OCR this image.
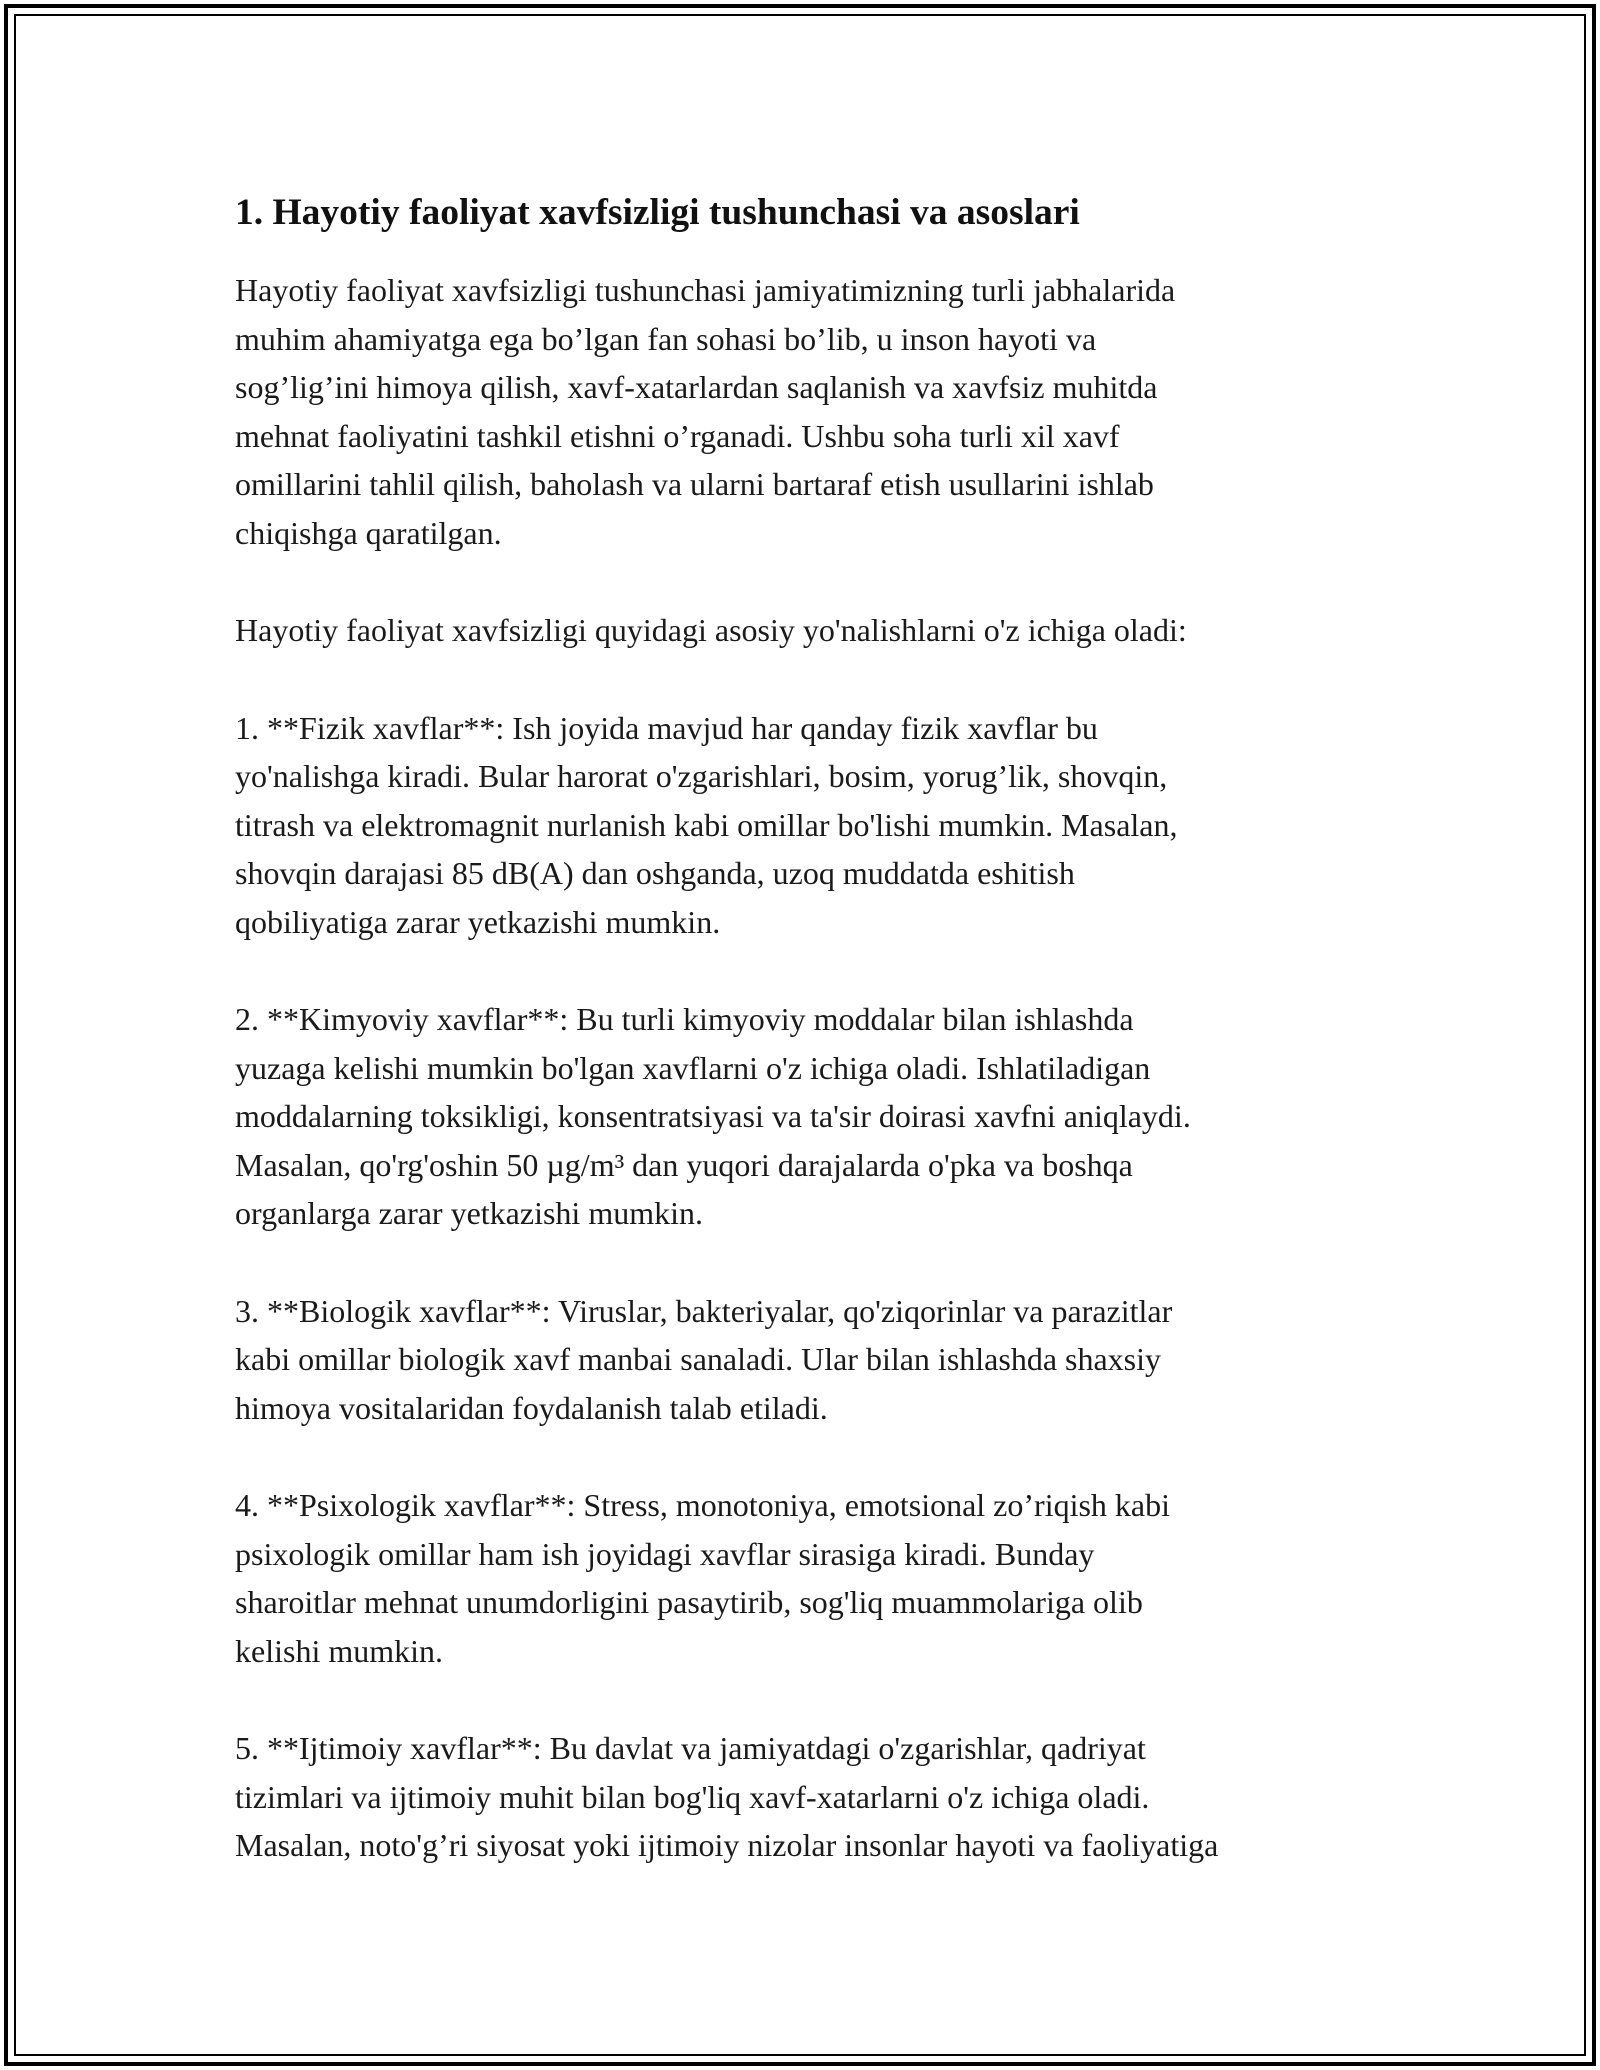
1. Hayotiy faoliyat xavfsizligi tushunchasi va asoslari

Hayotiy faoliyat xavfsizligi tushunchasi jamiyatimizning turli jabhalarida
muhim ahamiyatga ega bo’lgan fan sohasi bo’lib, u inson hayoti va
sog’lig’ini himoya qilish, xavf-xatarlardan saqlanish va xavfsiz muhitda
mehnat faoliyatini tashkil etishni o’rganadi. Ushbu soha turli xil xavf
omillarini tahlil qilish, baholash va ularni bartaraf etish usullarini ishlab
chiqishga qaratilgan.

Hayotiy faoliyat xavfsizligi quyidagi asosiy yo'nalishlarni o'z ichiga oladi:

1. **Fizik xavflar**: Ish joyida mavjud har qanday fizik xavflar bu
yo'nalishga kiradi. Bular harorat o'zgarishlari, bosim, yorug’lik, shovqin,
titrash va elektromagnit nurlanish kabi omillar bo'lishi mumkin. Masalan,
shovqin darajasi 85 dB(A) dan oshganda, uzoq muddatda eshitish
qobiliyatiga zarar yetkazishi mumkin.

2. **Kimyoviy xavflar**: Bu turli kimyoviy moddalar bilan ishlashda
yuzaga kelishi mumkin bo'lgan xavflarni o'z ichiga oladi. Ishlatiladigan
moddalarning toksikligi, konsentratsiyasi va ta'sir doirasi xavfni aniqlaydi.
Masalan, qo'rg'oshin 50 µg/m³ dan yuqori darajalarda o'pka va boshqa
organlarga zarar yetkazishi mumkin.

3. **Biologik xavflar**: Viruslar, bakteriyalar, qo'ziqorinlar va parazitlar
kabi omillar biologik xavf manbai sanaladi. Ular bilan ishlashda shaxsiy
himoya vositalaridan foydalanish talab etiladi.

4. **Psixologik xavflar**: Stress, monotoniya, emotsional zo’riqish kabi
psixologik omillar ham ish joyidagi xavflar sirasiga kiradi. Bunday
sharoitlar mehnat unumdorligini pasaytirib, sog'liq muammolariga olib
kelishi mumkin.

5. **Ijtimoiy xavflar**: Bu davlat va jamiyatdagi o'zgarishlar, qadriyat
tizimlari va ijtimoiy muhit bilan bog'liq xavf-xatarlarni o'z ichiga oladi.
Masalan, noto'g’ri siyosat yoki ijtimoiy nizolar insonlar hayoti va faoliyatiga
